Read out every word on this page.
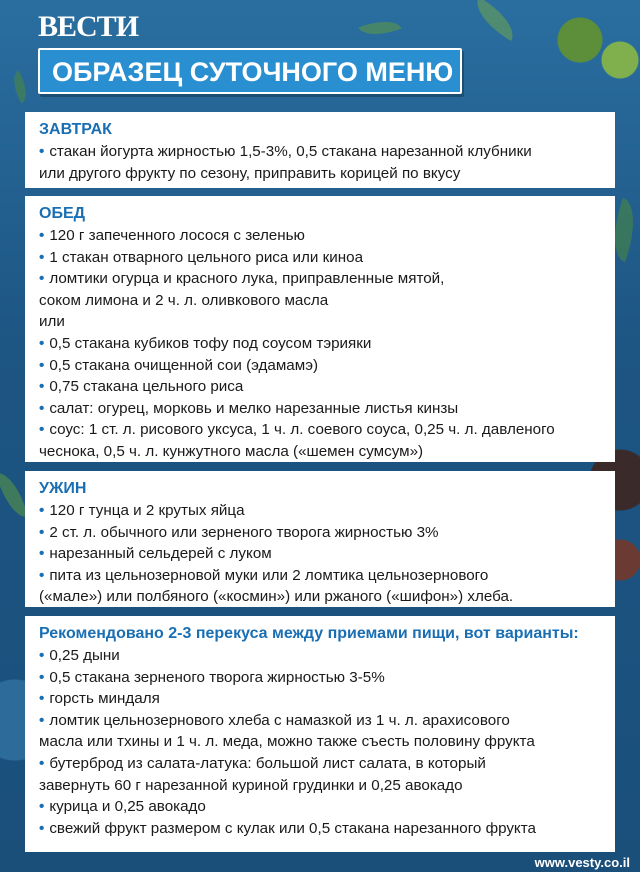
ВЕСТИ
ОБРАЗЕЦ СУТОЧНОГО МЕНЮ
ЗАВТРАК
• стакан йогурта жирностью 1,5-3%, 0,5 стакана нарезанной клубники
или другого фрукту по сезону, приправить корицей по вкусу
ОБЕД
• 120 г запеченного лосося с зеленью
• 1 стакан отварного цельного риса или киноа
• ломтики огурца и красного лука, приправленные мятой,
соком лимона и 2 ч. л. оливкового масла
или
• 0,5 стакана кубиков тофу под соусом тэрияки
• 0,5 стакана очищенной сои (эдамамэ)
• 0,75 стакана цельного риса
• салат: огурец, морковь и мелко нарезанные листья кинзы
• соус: 1 ст. л. рисового уксуса, 1 ч. л. соевого соуса, 0,25 ч. л. давленого
чеснока, 0,5 ч. л. кунжутного масла («шемен сумсум»)
УЖИН
• 120 г тунца и 2 крутых яйца
• 2 ст. л. обычного или зерненого творога жирностью 3%
• нарезанный сельдерей с луком
• пита из цельнозерновой муки или 2 ломтика цельнозернового
(«мале») или полбяного («космин») или ржаного («шифон») хлеба.
Рекомендовано 2-3 перекуса между приемами пищи, вот варианты:
• 0,25 дыни
• 0,5 стакана зерненого творога жирностью 3-5%
• горсть миндаля
• ломтик цельнозернового хлеба с намазкой из 1 ч. л. арахисового
масла или тхины и 1 ч. л. меда, можно также съесть половину фрукта
• бутерброд из салата-латука: большой лист салата, в который
завернуть 60 г нарезанной куриной грудинки и 0,25 авокадо
• курица и 0,25 авокадо
• свежий фрукт размером с кулак или 0,5 стакана нарезанного фрукта
www.vesty.co.il
